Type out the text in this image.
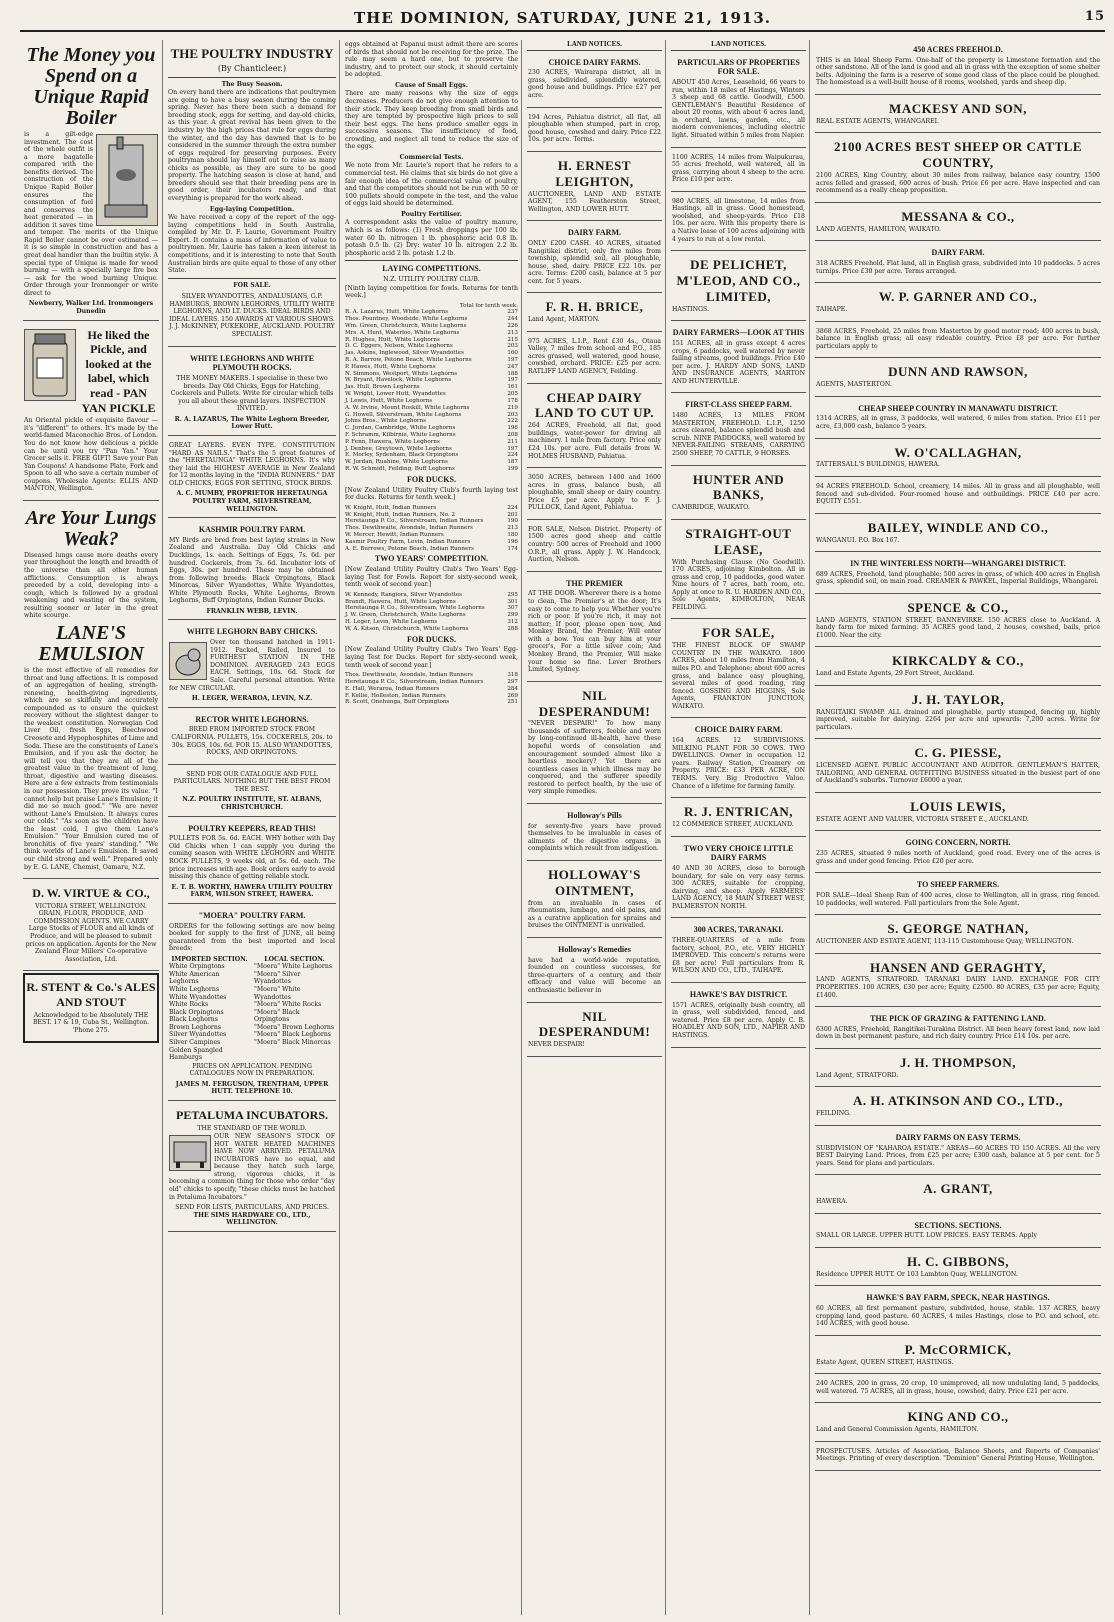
THE DOMINION, SATURDAY, JUNE 21, 1913.	15
The Money you Spend on a Unique Rapid Boiler
is a gilt-edge investment. The cost of the whole outfit is a more bagatelle compared with the benefits derived. The construction of the Unique Rapid Boiler ensures the consumption of fuel and conserves the heat generated — in addition it saves time and temper. The merits of the Unique Rapid Boiler cannot be over estimated — it is so simple in construction and has a great deal handier than the builtin style. A special type of Unique is made for wood burning — with a specially large fire box — ask for the wood burning Unique. Order through your Ironmonger or write direct to
Newberry, Walker Ltd. Ironmongers Dunedin
He liked the Pickle, and looked at the label, which read - PAN YAN PICKLE
An Oriental pickle of exquisite flavour — it's "different" to others. It's made by the world-famed Maconochie Bros. of London. You do not know how delicious a pickle can be until you try "Pan Yan." Your Grocer sells it. FREE GIFT! Save your Pan Yan Coupons! A handsome Plate, Fork and Spoon to all who save a certain number of coupons. Wholesale Agents: ELLIS AND MANTON, Wellington.
Are Your Lungs Weak?
Diseased lungs cause more deaths every year throughout the length and breadth of the universe than all other human afflictions. Consumption is always preceded by a cold, developing into a cough, which is followed by a gradual weakening and wasting of the system, resulting sooner or later in the great white scourge.
LANE'S EMULSION
is the most effective of all remedies for throat and lung affections. It is composed of an aggregation of healing, strength-renewing, health-giving ingredients, which are so skilfully and accurately compounded as to ensure the quickest recovery without the slightest danger to the weakest constitution. Norwegian Cod Liver Oil, fresh Eggs, Beechwood Creosote and Hypophosphites of Lime and Soda. These are the constituents of Lane's Emulsion, and if you ask the doctor, he will tell you that they are all of the greatest value in the treatment of lung, throat, digestive and wasting diseases. Here are a few extracts from testimonials in our possession. They prove its value. "I cannot help but praise Lane's Emulsion; it did me so much good." "We are never without Lane's Emulsion. It always cures our colds." "As soon as the children have the least cold, I give them Lane's Emulsion." "Your Emulsion cured me of bronchitis of five years' standing." "We think worlds of Lane's Emulsion. It saved our child strong and well." Prepared only by E. G. LANE, Chemist, Oamaru, N.Z.
D. W. VIRTUE & CO.,
VICTORIA STREET, WELLINGTON. GRAIN, FLOUR, PRODUCE, AND COMMISSION AGENTS. WE CARRY Large Stocks of FLOUR and all kinds of Produce, and will be pleased to submit prices on application. Agents for the New Zealand Flour Millers' Co-operative Association, Ltd.
R. STENT & Co.'s ALES AND STOUT
Acknowledged to be Absolutely THE BEST. 17 & 19, Cuba St., Wellington. 'Phone 275.
THE POULTRY INDUSTRY
(By Chanticleer.)
The Busy Season.
On every hand there are indications that poultrymen are going to have a busy season during the coming spring. Never has there been such a demand for breeding stock, eggs for setting, and day-old chicks, as this year. A great revival has been given to the industry by the high prices that rule for eggs during the winter, and the day has dawned that is to be considered in the summer through the extra number of eggs required for preserving purposes. Every poultryman should lay himself out to raise as many chicks as possible, as they are sure to be good property. The hatching season is close at hand, and breeders should see that their breeding pens are in good order, their incubators ready, and that everything is prepared for the work ahead.
Egg-laying Competition.
We have received a copy of the report of the egg-laying competitions held in South Australia, compiled by Mr. D. F. Laurie, Government Poultry Expert. It contains a mass of information of value to poultrymen. Mr. Laurie has taken a keen interest in competitions, and it is interesting to note that South Australian birds are quite equal to those of any other State.
FOR SALE.
SILVER WYANDOTTES, ANDALUSIANS, G.P. HAMBURGS, BROWN LEGHORNS, UTILITY WHITE LEGHORNS, AND LT. DUCKS. IDEAL BIRDS AND IDEAL LAYERS. 150 AWARDS AT VARIOUS SHOWS. J. J. McKINNEY, PUKEKOHE, AUCKLAND. POULTRY SPECIALIST.
WHITE LEGHORNS AND WHITE PLYMOUTH ROCKS.
THE MONEY MAKERS. I specialise in these two breeds. Day Old Chicks, Eggs for Hatching, Cockerels and Pullets. Write for circular which tells you all about these grand layers. INSPECTION INVITED.
R. A. LAZARUS, The White Leghorn Breeder, Lower Hutt.
GREAT LAYERS. EVEN TYPE. CONSTITUTION "HARD AS NAILS." That's the 5 great features of the "HERETAUNGA" WHITE LEGHORNS. It's why they laid the HIGHEST AVERAGE in New Zealand for 12 months laying in the "INDIA RUNNERS." DAY OLD CHICKS, EGGS FOR SETTING, STOCK BIRDS.
A. C. MUMBY, PROPRIETOR HERETAUNGA POULTRY FARM, SILVERSTREAM, WELLINGTON.
KASHMIR POULTRY FARM.
MY Birds are bred from best laying strains in New Zealand and Australia. Day Old Chicks and Ducklings, 1s. each. Settings of Eggs, 7s. 6d. per hundred. Cockerels, from 7s. 6d. Incubator lots of Eggs, 30s. per hundred. These may be obtained from following breeds: Black Orpingtons, Black Minorcas, Silver Wyandottes, White Wyandottes, White Plymouth Rocks, White Leghorns, Brown Leghorns, Buff Orpingtons, Indian Runner Ducks.
FRANKLIN WEBB, LEVIN.
WHITE LEGHORN BABY CHICKS.
Over ten thousand hatched in 1911-1912. Packed, Railed, Insured to FURTHEST STATION IN THE DOMINION. AVERAGED 243 EGGS EACH. Settings, 10s. 6d. Stock for Sale. Careful personal attention. Write for NEW CIRCULAR.
H. LEGER, WERAROA, LEVIN, N.Z.
RECTOR WHITE LEGHORNS.
BRED FROM IMPORTED STOCK FROM CALIFORNIA. PULLETS, 15s. COCKERELS, 20s. to 30s. EGGS, 10s. 6d. FOR 15. ALSO WYANDOTTES, ROCKS, AND ORPINGTONS.
SEND FOR OUR CATALOGUE AND FULL PARTICULARS. NOTHING BUT THE BEST FROM THE BEST.
N.Z. POULTRY INSTITUTE, ST. ALBANS, CHRISTCHURCH.
POULTRY KEEPERS, READ THIS!
PULLETS FOR 5s. 6d. EACH. WHY bother with Day Old Chicks when I can supply you during the coming season with WHITE LEGHORN and WHITE ROCK PULLETS, 9 weeks old, at 5s. 6d. each. The price increases with age. Book orders early to avoid missing this chance of getting reliable stock.
E. T. B. WORTHY, HAWERA UTILITY POULTRY FARM, WILSON STREET, HAWERA.
"MOERA" POULTRY FARM.
ORDERS for the following settings are now being booked for supply to the first of JUNE, all being guaranteed from the best imported and local breeds:
IMPORTED SECTION.
White Orpingtons
White American Leghorns
White Leghorns
White Wyandottes
White Rocks
Black Orpingtons
Black Leghorns
Brown Leghorns
Silver Wyandottes
Silver Campines
Golden Spangled Hamburgs
LOCAL SECTION.
"Moera" White Leghorns
"Moera" Silver Wyandottes
"Moera" White Wyandottes
"Moera" White Rocks
"Moera" Black Orpingtons
"Moera" Brown Leghorns
"Moera" Black Leghorns
"Moera" Black Minorcas
PRICES ON APPLICATION. PENDING CATALOGUES NOW IN PREPARATION.
JAMES M. FERGUSON, TRENTHAM, UPPER HUTT. TELEPHONE 10.
PETALUMA INCUBATORS.
THE STANDARD OF THE WORLD.
OUR NEW SEASON'S STOCK OF HOT WATER HEATED MACHINES HAVE NOW ARRIVED. PETALUMA INCUBATORS have no equal, and because they hatch such large, strong, vigorous chicks, it is becoming a common thing for those who order "day old" chicks to specify, "these chicks must be hatched in Petaluma Incubators."
SEND FOR LISTS, PARTICULARS, AND PRICES.
THE SIMS HARDWARE CO., LTD., WELLINGTON.
eggs obtained at Papanui must admit there are scores of birds that should not be receiving for the prize. The rule may seem a hard one, but to preserve the industry, and to protect our stock, it should certainly be adopted.
Cause of Small Eggs.
There are many reasons why the size of eggs decreases. Producers do not give enough attention to their stock. They keep breeding from small birds and they are tempted by prospective high prices to sell their best eggs. The hens produce smaller eggs in successive seasons. The insufficiency of food, crowding, and neglect all tend to reduce the size of the eggs.
Commercial Tests.
We note from Mr. Laurie's report that he refers to a commercial test. He claims that six birds do not give a fair enough idea of the commercial value of poultry, and that the competitors should not be run with 50 or 100 pullets should compete in the test, and the value of eggs laid should be determined.
Poultry Fertiliser.
A correspondent asks the value of poultry manure, which is as follows: (1) Fresh droppings per 100 lb: water 60 lb. nitrogen 1 lb. phosphoric acid 0.8 lb. potash 0.5 lb. (2) Dry: water 10 lb. nitrogen 2.2 lb. phosphoric acid 2 lb. potash 1.2 lb.
LAYING COMPETITIONS.
N.Z. UTILITY POULTRY CLUB.
[Ninth laying competition for fowls. Returns for tenth week.]
Total for tenth week.
R. A. Lazarus, Hutt, White Leghorns	237
Thos. Pountney, Woodside, White Leghorns	244
Wm. Green, Christchurch, White Leghorns	226
Mrs. A. Hunt, Waterloo, White Leghorns	213
R. Hughes, Hutt, White Leghorns	215
D. C. Eggers, Nelson, White Leghorns	203
Jas. Askins, Inglewood, Silver Wyandottes	160
R. A. Barrow, Petone Beach, White Leghorns	197
P. Hawes, Hutt, White Leghorns	247
N. Simmons, Westport, White Leghorns	188
W. Bryant, Havelock, White Leghorns	197
Jas. Hull, Brown Leghorns	161
W. Wright, Lower Hutt, Wyandottes	205
J. Lewis, Hutt, White Leghorns	178
A. W. Irvine, Mount Roskill, White Leghorns	219
G. Howell, Silverstream, White Leghorns	203
Johns Bros., White Leghorns	222
C. Jordan, Cambridge, White Leghorns	196
F. Schramm, Kilbirnie, White Leghorns	208
P. Fenn, Hawera, White Leghorns	211
J. Denbee, Greytown, White Leghorns	197
E. Morley, Sydenham, Black Orpingtons	224
W. Jordan, Ruahine, White Leghorns	187
R. W. Schmidt, Feilding, Buff Leghorns	199
FOR DUCKS.
[New Zealand Utility Poultry Club's fourth laying test for ducks. Returns for tenth week.]
W. Knight, Hutt, Indian Runners	224
W. Knight, Hutt, Indian Runners, No. 2	201
Heretaunga P. Co., Silverstream, Indian Runners	190
Thos. Dewthwaite, Avondale, Indian Runners	213
W. Mercer, Hewitt, Indian Runners	180
Kasmir Poultry Farm, Levin, Indian Runners	196
A. E. Burrows, Petone Beach, Indian Runners	174
TWO YEARS' COMPETITION.
[New Zealand Utility Poultry Club's Two Years' Egg-laying Test for Fowls. Report for sixty-second week, tenth week of second year.]
W. Kennedy, Rangiora, Silver Wyandottes	295
Brandt, Hawera, Hutt, White Leghorns	301
Heretaunga P. Co., Silverstream, White Leghorns	307
J. W. Green, Christchurch, White Leghorns	299
H. Leger, Levin, White Leghorns	312
W. A. Kitson, Christchurch, White Leghorns	288
FOR DUCKS.
[New Zealand Utility Poultry Club's Two Years' Egg-laying Test for Ducks. Report for sixty-second week, tenth week of second year.]
Thos. Dewthwaite, Avondale, Indian Runners	318
Heretaunga P. Co., Silverstream, Indian Runners	297
E. Hall, Weraroa, Indian Runners	284
F. Kellie, Holleston, Indian Runners	269
R. Scott, Onehunga, Buff Orpingtons	251
LAND NOTICES.
CHOICE DAIRY FARMS.
230 ACRES, Wairarapa district, all in grass, subdivided, splendidly watered, good house and buildings. Price £27 per acre.
194 Acres, Pahiatua district, all flat, all ploughable when stumped, part in crop, good house, cowshed and dairy. Price £22 10s. per acre. Terms.
H. ERNEST LEIGHTON,
AUCTIONEER, LAND AND ESTATE AGENT, 155 Featherston Street, Wellington, AND LOWER HUTT.
DAIRY FARM.
ONLY £200 CASH. 40 ACRES, situated Rangitikei district, only five miles from township, splendid soil, all ploughable, house, shed, dairy. PRICE £22 10s. per acre. Terms: £200 cash, balance at 5 per cent. for 5 years.
F. R. H. BRICE,
Land Agent, MARTON.
975 ACRES, L.I.P., Rent £30 4s., Otaua Valley, 7 miles from school and P.O., 185 acres grassed, well watered, good house, cowshed, orchard. PRICE: £25 per acre. RATLIFF LAND AGENCY, Feilding.
CHEAP DAIRY LAND TO CUT UP.
264 ACRES, Freehold, all flat, good buildings, water-power for driving all machinery. 1 mile from factory. Price only £24 10s. per acre. Full details from W. HOLMES HUSBAND, Pahiatua.
3050 ACRES, between 1400 and 1600 acres in grass, balance bush, all ploughable, small sheep or dairy country. Price £5 per acre. Apply to F. J. PULLOCK, Land Agent, Pahiatua.
FOR SALE, Nelson District. Property of 1500 acres good sheep and cattle country: 500 acres of Freehold and 1000 O.R.P., all grass. Apply J. W. Handcock, Auction, Nelson.
THE PREMIER
AT THE DOOR. Wherever there is a home to clean, The Premier's at the door; It's easy to come to help you Whether you're rich or poor. If you're rich, it may not matter; If poor, please open now, And Monkey Brand, the Premier, Will enter with a bow. You can buy him at your grocer's, For a little silver coin; And Monkey Brand, the Premier, Will make your home so fine. Lever Brothers Limited, Sydney.
NIL DESPERANDUM!
"NEVER DESPAIR!" To how many thousands of sufferers, feeble and worn by long-continued ill-health, have these hopeful words of consolation and encouragement sounded almost like a heartless mockery? Yet there are countless cases in which illness may be conquered, and the sufferer speedily restored to perfect health, by the use of very simple remedies.
Holloway's Pills
for seventy-five years have proved themselves to be invaluable in cases of ailments of the digestive organs, in complaints which result from indigestion.
HOLLOWAY'S OINTMENT,
from an invaluable in cases of rheumatism, lumbago, and old pains, and as a curative application for sprains and bruises the OINTMENT is unrivalled.
Holloway's Remedies
have had a world-wide reputation, founded on countless successes, for three-quarters of a century, and their efficacy and value will become an enthusiastic believer in
NIL DESPERANDUM!
NEVER DESPAIR!
LAND NOTICES.
PARTICULARS OF PROPERTIES FOR SALE.
ABOUT 450 Acres, Leasehold, 66 years to run, within 18 miles of Hastings, Winters 3 sheep and 68 cattle. Goodwill, £500. GENTLEMAN'S Beautiful Residence of about 20 rooms, with about 6 acres land, in orchard, lawns, garden, etc., all modern conveniences, including electric light. Situated within 5 miles from Napier.
1100 ACRES, 14 miles from Waipukurau, 55 acres freehold, well watered, all in grass, carrying about 4 sheep to the acre. Price £10 per acre.
980 ACRES, all limestone, 14 miles from Hastings, all in grass. Good homestead, woolshed, and sheep-yards. Price £18 10s. per acre. With this property there is a Native lease of 100 acres adjoining with 4 years to run at a low rental.
DE PELICHET, M'LEOD, AND CO., LIMITED,
HASTINGS.
DAIRY FARMERS—LOOK AT THIS
151 ACRES, all in grass except 4 acres crops, 6 paddocks, well watered by never failing streams, good buildings. Price £40 per acre. J. HARDY AND SONS, LAND AND INSURANCE AGENTS, MARTON AND HUNTERVILLE.
FIRST-CLASS SHEEP FARM.
1480 ACRES, 13 MILES FROM MASTERTON, FREEHOLD. L.I.P., 1250 acres cleared, balance splendid bush and scrub. NINE PADDOCKS, well watered by NEVER-FAILING STREAMS, CARRYING 2500 SHEEP, 70 CATTLE, 9 HORSES.
HUNTER AND BANKS,
CAMBRIDGE, WAIKATO.
STRAIGHT-OUT LEASE,
With Purchasing Clause (No Goodwill). 170 ACRES, adjoining Kimbolton. All in grass and crop, 10 paddocks, good water. Nine hours of 7 acres, bath room, etc. Apply at once to R. U. HARDEN AND CO., Sole Agents, KIMBOLTON, NEAR FEILDING.
FOR SALE,
THE FINEST BLOCK OF SWAMP COUNTRY IN THE WAIKATO. 1800 ACRES, about 10 miles from Hamilton, 4 miles P.O. and Telephone; about 600 acres grass, and balance easy ploughing, several miles of good roading, ring fenced. GOSSING AND HIGGINS, Sole Agents, FRANKTON JUNCTION, WAIKATO.
CHOICE DAIRY FARM.
164 ACRES. 12 SUBDIVISIONS. MILKING PLANT FOR 30 COWS. TWO DWELLINGS. Owner in occupation 12 years. Railway Station, Creamery on Property. PRICE: £33 PER ACRE, ON TERMS. Very Big Productive Value. Chance of a lifetime for farming family.
R. J. ENTRICAN,
12 COMMERCE STREET, AUCKLAND.
TWO VERY CHOICE LITTLE DAIRY FARMS
40 AND 30 ACRES, close to borough boundary, for sale on very easy terms. 300 ACRES, suitable for cropping, dairying, and sheep. Apply FARMERS' LAND AGENCY, 18 MAIN STREET WEST, PALMERSTON NORTH.
300 ACRES, TARANAKI.
THREE-QUARTERS of a mile from factory, school, P.O., etc. VERY HIGHLY IMPROVED. This concern's returns were £8 per acre! Full particulars from R. WILSON AND CO., LTD., TAIHAPE.
HAWKE'S BAY DISTRICT.
1571 ACRES, originally bush country, all in grass, well subdivided, fenced, and watered. Price £8 per acre. Apply C. B. HOADLEY AND SON, LTD., NAPIER AND HASTINGS.
450 ACRES FREEHOLD.
THIS is an Ideal Sheep Farm. One-half of the property is Limestone formation and the other sandstone. All of the land is good and all in grass with the exception of some shelter belts. Adjoining the farm is a reserve of some good class of the place could be ploughed. The homestead is a well-built house of 8 rooms, woolshed, yards and sheep dip.
MACKESY AND SON,
REAL ESTATE AGENTS, WHANGAREI.
2100 ACRES BEST SHEEP OR CATTLE COUNTRY,
2100 ACRES, King Country, about 30 miles from railway, balance easy country, 1500 acres felled and grassed, 600 acres of bush. Price £6 per acre. Have inspected and can recommend as a really cheap proposition.
MESSANA & CO.,
LAND AGENTS, HAMILTON, WAIKATO.
DAIRY FARM.
318 ACRES Freehold. Flat land, all in English grass, subdivided into 10 paddocks. 5 acres turnips. Price £30 per acre. Terms arranged.
W. P. GARNER AND CO.,
TAIHAPE.
3868 ACRES, Freehold, 25 miles from Masterton by good motor road; 400 acres in bush, balance in English grass; all easy rideable country. Price £8 per acre. For further particulars apply to
DUNN AND RAWSON,
AGENTS, MASTERTON.
CHEAP SHEEP COUNTRY IN MANAWATU DISTRICT.
1314 ACRES, all in grass, 3 paddocks, well watered, 6 miles from station. Price £11 per acre, £3,000 cash, balance 5 years.
W. O'CALLAGHAN,
TATTERSALL'S BUILDINGS, HAWERA.
94 ACRES FREEHOLD. School, creamery, 14 miles. All in grass and all ploughable, well fenced and sub-divided. Four-roomed house and outbuildings. PRICE £40 per acre. EQUITY £551.
BAILEY, WINDLE AND CO.,
WANGANUI. P.O. Box 167.
IN THE WINTERLESS NORTH—WHANGAREI DISTRICT.
689 ACRES, Freehold, land ploughable; 500 acres in grass, of which 400 acres in English grass, splendid soil, on main road. CREAMER & PAWKEL, Imperial Buildings, Whangarei.
SPENCE & CO.,
LAND AGENTS, STATION STREET, DANNEVIRKE. 150 ACRES close to Auckland. A handy farm for mixed farming. 35 ACRES good land, 2 houses, cowshed, bails, price £1000. Near the city.
KIRKCALDY & CO.,
Land and Estate Agents, 29 Fort Street, Auckland.
J. H. TAYLOR,
RANGITAIKI SWAMP. ALL drained and ploughable, partly stumped, fencing up, highly improved, suitable for dairying. 2264 per acre and upwards: 7,200 acres. Write for particulars.
C. G. PIESSE,
LICENSED AGENT. PUBLIC ACCOUNTANT AND AUDITOR. GENTLEMAN'S HATTER, TAILORING, AND GENERAL OUTFITTING BUSINESS situated in the busiest part of one of Auckland's suburbs. Turnover £6000 a year.
LOUIS LEWIS,
ESTATE AGENT AND VALUER, VICTORIA STREET E., AUCKLAND.
GOING CONCERN, NORTH.
235 ACRES, situated 9 miles north of Auckland, good road. Every one of the acres is grass and under good fencing. Price £20 per acre.
TO SHEEP FARMERS.
FOR SALE—Ideal Sheep Run of 400 acres, close to Wellington, all in grass, ring fenced. 10 paddocks, well watered. Full particulars from the Sole Agent.
S. GEORGE NATHAN,
AUCTIONEER AND ESTATE AGENT, 113-115 Customhouse Quay, WELLINGTON.
HANSEN AND GERAGHTY,
LAND AGENTS, STRATFORD. TARANAKI DAIRY LAND. EXCHANGE FOR CITY PROPERTIES. 100 ACRES, £30 per acre; Equity, £2500. 80 ACRES, £35 per acre; Equity, £1400.
THE PICK OF GRAZING & FATTENING LAND.
6300 ACRES, Freehold, Rangitikei-Turakina District. All been heavy forest land, now laid down in best permanent pasture, and rich dairy country. Price £14 10s. per acre.
J. H. THOMPSON,
Land Agent, STRATFORD.
A. H. ATKINSON AND CO., LTD.,
FEILDING.
DAIRY FARMS ON EASY TERMS.
SUBDIVISION OF "KAHAROA ESTATE." AREAS—60 ACRES TO 150 ACRES. All the very BEST Dairying Land. Prices, from £25 per acre; £300 cash, balance at 5 per cent. for 5 years. Send for plans and particulars.
A. GRANT,
HAWERA.
SECTIONS. SECTIONS.
SMALL OR LARGE. UPPER HUTT. LOW PRICES. EASY TERMS. Apply
H. C. GIBBONS,
Residence UPPER HUTT. Or 103 Lambton Quay, WELLINGTON.
HAWKE'S BAY FARM, SPECK, NEAR HASTINGS.
60 ACRES, all first permanent pasture, subdivided, house, stable. 137 ACRES, heavy cropping land, good pasture. 60 ACRES, 4 miles Hastings, close to P.O. and school, etc. 140 ACRES, with good house.
P. McCORMICK,
Estate Agent, QUEEN STREET, HASTINGS.
240 ACRES, 200 in grass, 20 crop, 10 unimproved, all now undulating land, 5 paddocks, well watered. 75 ACRES, all in grass, house, cowshed, dairy. Price £21 per acre.
KING AND CO.,
Land and General Commission Agents, HAMILTON.
PROSPECTUSES. Articles of Association, Balance Sheets, and Reports of Companies' Meetings. Printing of every description. "Dominion" General Printing House, Wellington.
